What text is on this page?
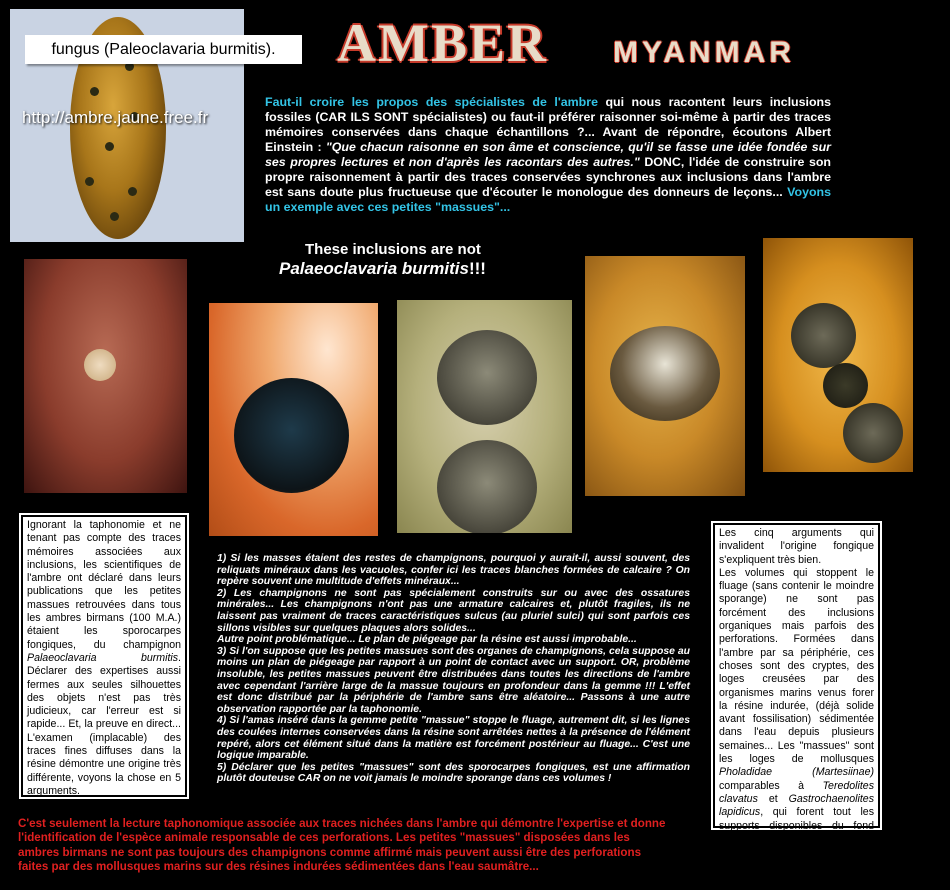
fungus (Paleoclavaria burmitis).
http://ambre.jaune.free.fr
AMBER MYANMAR
Faut-il croire les propos des spécialistes de l'ambre qui nous racontent leurs inclusions fossiles (CAR ILS SONT spécialistes) ou faut-il préférer raisonner soi-même à partir des traces mémoires conservées dans chaque échantillons ?... Avant de répondre, écoutons Albert Einstein : "Que chacun raisonne en son âme et conscience, qu'il se fasse une idée fondée sur ses propres lectures et non d'après les racontars des autres." DONC, l'idée de construire son propre raisonnement à partir des traces conservées synchrones aux inclusions dans l'ambre est sans doute plus fructueuse que d'écouter le monologue des donneurs de leçons... Voyons un exemple avec ces petites "massues"...
These inclusions are not
Palaeoclavaria burmitis!!!
Ignorant la taphonomie et ne tenant pas compte des traces mémoires associées aux inclusions, les scientifiques de l'ambre ont déclaré dans leurs publications que les petites massues retrouvées dans tous les ambres birmans (100 M.A.) étaient les sporocarpes fongiques, du champignon Palaeoclavaria burmitis. Déclarer des expertises aussi fermes aux seules silhouettes des objets n'est pas très judicieux, car l'erreur est si rapide... Et, la preuve en direct... L'examen (implacable) des traces fines diffuses dans la résine démontre une origine très différente, voyons la chose en 5 arguments.
1) Si les masses étaient des restes de champignons, pourquoi y aurait-il, aussi souvent, des reliquats minéraux dans les vacuoles, confer ici les traces blanches formées de calcaire ? On repère souvent une multitude d'effets minéraux...
2) Les champignons ne sont pas spécialement construits sur ou avec des ossatures minérales... Les champignons n'ont pas une armature calcaires et, plutôt fragiles, ils ne laissent pas vraiment de traces caractéristiques sulcus (au pluriel sulci) qui sont parfois ces sillons visibles sur quelques plaques alors solides...
Autre point problématique... Le plan de piégeage par la résine est aussi improbable...
3) Si l'on suppose que les petites massues sont des organes de champignons, cela suppose au moins un plan de piégeage par rapport à un point de contact avec un support. OR, problème insoluble, les petites massues peuvent être distribuées dans toutes les directions de l'ambre avec cependant l'arrière large de la massue toujours en profondeur dans la gemme !!! L'effet est donc distribué par la périphérie de l'ambre sans être aléatoire... Passons à une autre observation rapportée par la taphonomie.
4) Si l'amas inséré dans la gemme petite "massue" stoppe le fluage, autrement dit, si les lignes des coulées internes conservées dans la résine sont arrêtées nettes à la présence de l'élément repéré, alors cet élément situé dans la matière est forcément postérieur au fluage... C'est une logique imparable.
5) Déclarer que les petites "massues" sont des sporocarpes fongiques, est une affirmation plutôt douteuse CAR on ne voit jamais le moindre sporange dans ces volumes !
Les cinq arguments qui invalident l'origine fongique s'expliquent très bien.
Les volumes qui stoppent le fluage (sans contenir le moindre sporange) ne sont pas forcément des inclusions organiques mais parfois des perforations. Formées dans l'ambre par sa périphérie, ces choses sont des cryptes, des loges creusées par des organismes marins venus forer la résine indurée, (déjà solide avant fossilisation) sédimentée dans l'eau depuis plusieurs semaines... Les "massues" sont les loges de mollusques Pholadidae	(Martesiinae) comparables à Teredolites clavatus et Gastrochaenolites lapidicus, qui forent tout les supports disponibles du fond marin.
C'est seulement la lecture taphonomique associée aux traces nichées dans l'ambre qui démontre l'expertise et donne l'identification de l'espèce animale responsable de ces perforations. Les petites "massues" disposées dans les ambres birmans ne sont pas toujours des champignons comme affirmé mais peuvent aussi être des perforations faites par des mollusques marins sur des résines indurées sédimentées dans l'eau saumâtre...
